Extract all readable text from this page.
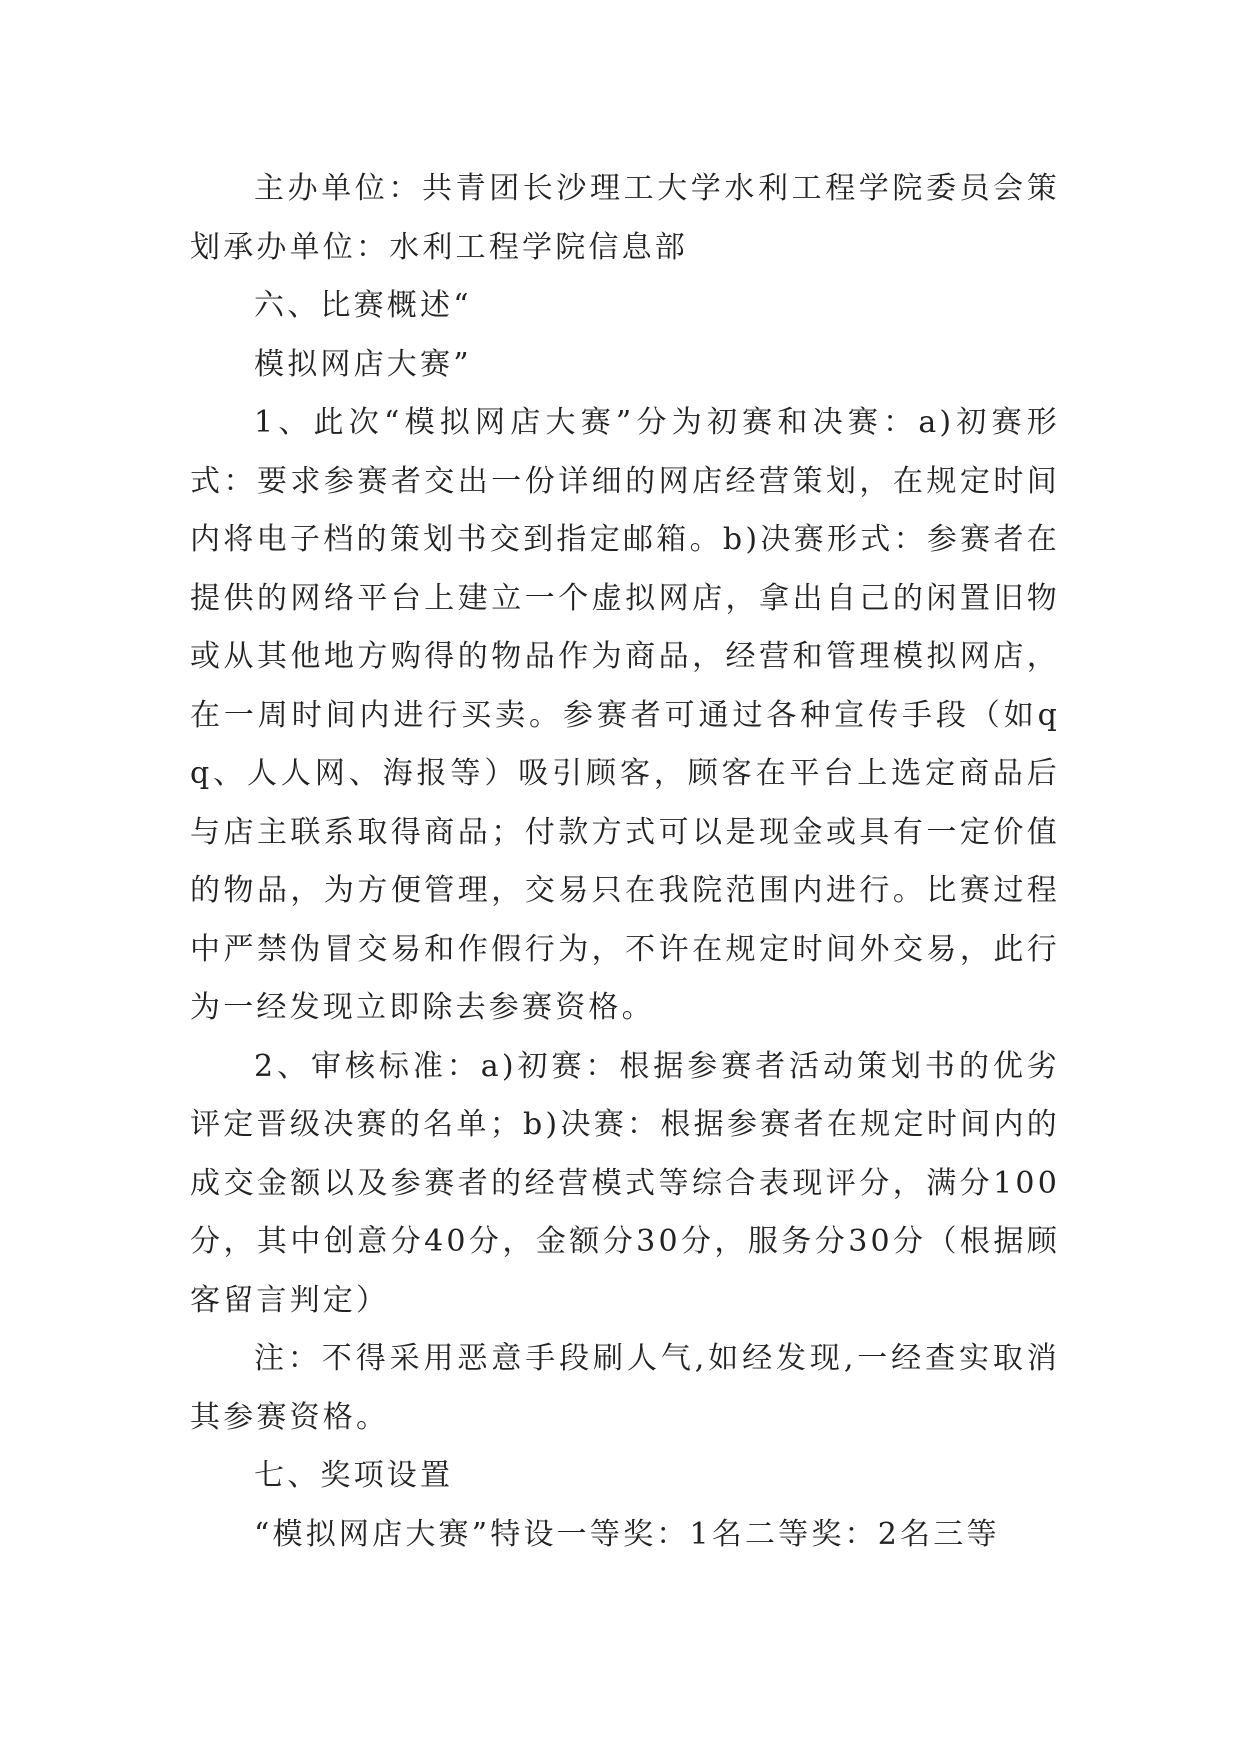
主办单位：共青团长沙理工大学水利工程学院委员会策划承办单位：水利工程学院信息部

六、比赛概述“

模拟网店大赛”

1、此次“模拟网店大赛”分为初赛和决赛：a)初赛形式：要求参赛者交出一份详细的网店经营策划，在规定时间内将电子档的策划书交到指定邮箱。b)决赛形式：参赛者在提供的网络平台上建立一个虚拟网店，拿出自己的闲置旧物或从其他地方购得的物品作为商品，经营和管理模拟网店，在一周时间内进行买卖。参赛者可通过各种宣传手段（如qq、人人网、海报等）吸引顾客，顾客在平台上选定商品后与店主联系取得商品；付款方式可以是现金或具有一定价值的物品，为方便管理，交易只在我院范围内进行。比赛过程中严禁伪冒交易和作假行为，不许在规定时间外交易，此行为一经发现立即除去参赛资格。

2、审核标准：a)初赛：根据参赛者活动策划书的优劣评定晋级决赛的名单；b)决赛：根据参赛者在规定时间内的成交金额以及参赛者的经营模式等综合表现评分，满分100分，其中创意分40分，金额分30分，服务分30分（根据顾客留言判定）

注：不得采用恶意手段刷人气,如经发现,一经查实取消其参赛资格。

七、奖项设置

“模拟网店大赛”特设一等奖：1名二等奖：2名三等
